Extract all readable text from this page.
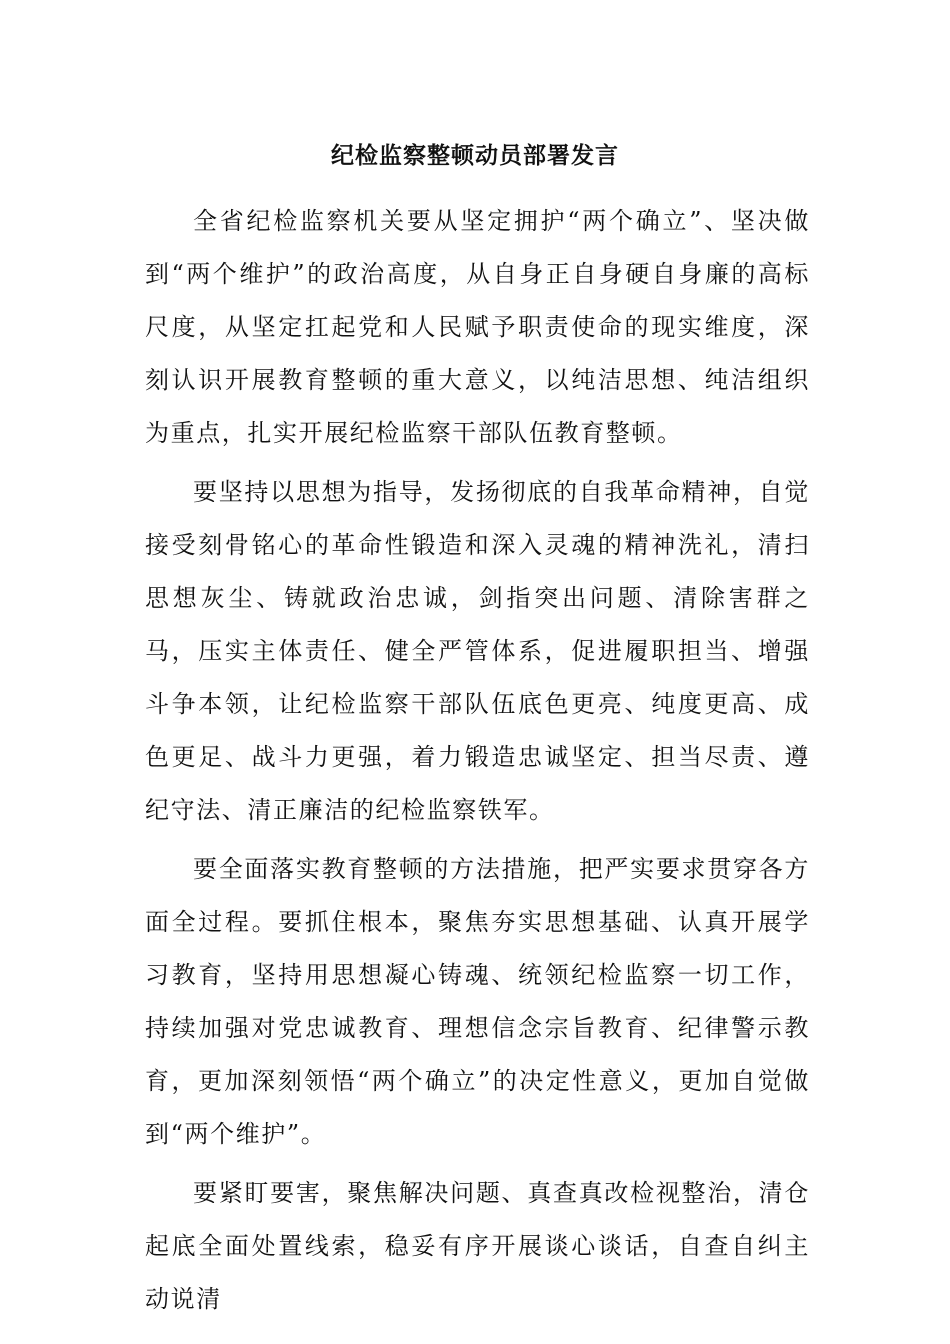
纪检监察整顿动员部署发言

全省纪检监察机关要从坚定拥护“两个确立”、坚决做到“两个维护”的政治高度，从自身正自身硬自身廉的高标尺度，从坚定扛起党和人民赋予职责使命的现实维度，深刻认识开展教育整顿的重大意义，以纯洁思想、纯洁组织为重点，扎实开展纪检监察干部队伍教育整顿。

要坚持以思想为指导，发扬彻底的自我革命精神，自觉接受刻骨铭心的革命性锻造和深入灵魂的精神洗礼，清扫思想灰尘、铸就政治忠诚，剑指突出问题、清除害群之马，压实主体责任、健全严管体系，促进履职担当、增强斗争本领，让纪检监察干部队伍底色更亮、纯度更高、成色更足、战斗力更强，着力锻造忠诚坚定、担当尽责、遵纪守法、清正廉洁的纪检监察铁军。

要全面落实教育整顿的方法措施，把严实要求贯穿各方面全过程。要抓住根本，聚焦夯实思想基础、认真开展学习教育，坚持用思想凝心铸魂、统领纪检监察一切工作，持续加强对党忠诚教育、理想信念宗旨教育、纪律警示教育，更加深刻领悟“两个确立”的决定性意义，更加自觉做到“两个维护”。

要紧盯要害，聚焦解决问题、真查真改检视整治，清仓起底全面处置线索，稳妥有序开展谈心谈话，自查自纠主动说清
